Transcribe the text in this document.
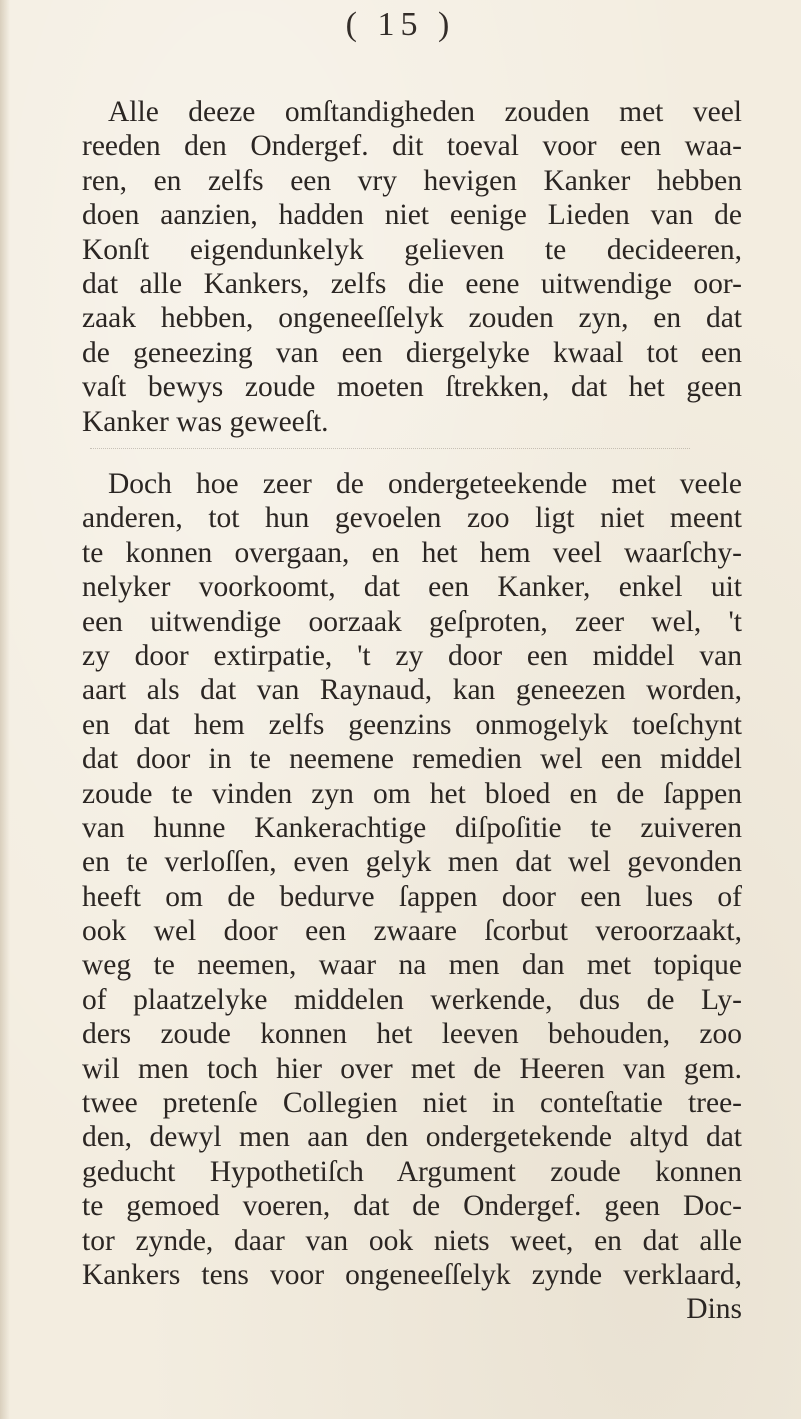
( 15 )
Alle deeze omſtandigheden zouden met veel
reeden den Ondergef. dit toeval voor een waa-
ren, en zelfs een vry hevigen Kanker hebben
doen aanzien, hadden niet eenige Lieden van de
Konſt eigendunkelyk gelieven te decideeren,
dat alle Kankers, zelfs die eene uitwendige oor-
zaak hebben, ongeneeſſelyk zouden zyn, en dat
de geneezing van een diergelyke kwaal tot een
vaſt bewys zoude moeten ſtrekken, dat het geen
Kanker was geweeſt.
Doch hoe zeer de ondergeteekende met veele
anderen, tot hun gevoelen zoo ligt niet meent
te konnen overgaan, en het hem veel waarſchy-
nelyker voorkoomt, dat een Kanker, enkel uit
een uitwendige oorzaak geſproten, zeer wel, 't
zy door extirpatie, 't zy door een middel van
aart als dat van Raynaud, kan geneezen worden,
en dat hem zelfs geenzins onmogelyk toeſchynt
dat door in te neemene remedien wel een middel
zoude te vinden zyn om het bloed en de ſappen
van hunne Kankerachtige diſpoſitie te zuiveren
en te verloſſen, even gelyk men dat wel gevonden
heeft om de bedurve ſappen door een lues of
ook wel door een zwaare ſcorbut veroorzaakt,
weg te neemen, waar na men dan met topique
of plaatzelyke middelen werkende, dus de Ly-
ders zoude konnen het leeven behouden, zoo
wil men toch hier over met de Heeren van gem.
twee pretenſe Collegien niet in conteſtatie tree-
den, dewyl men aan den ondergetekende altyd dat
geducht Hypothetiſch Argument zoude konnen
te gemoed voeren, dat de Ondergef. geen Doc-
tor zynde, daar van ook niets weet, en dat alle
Kankers tens voor ongeneeſſelyk zynde verklaard,
Dins
